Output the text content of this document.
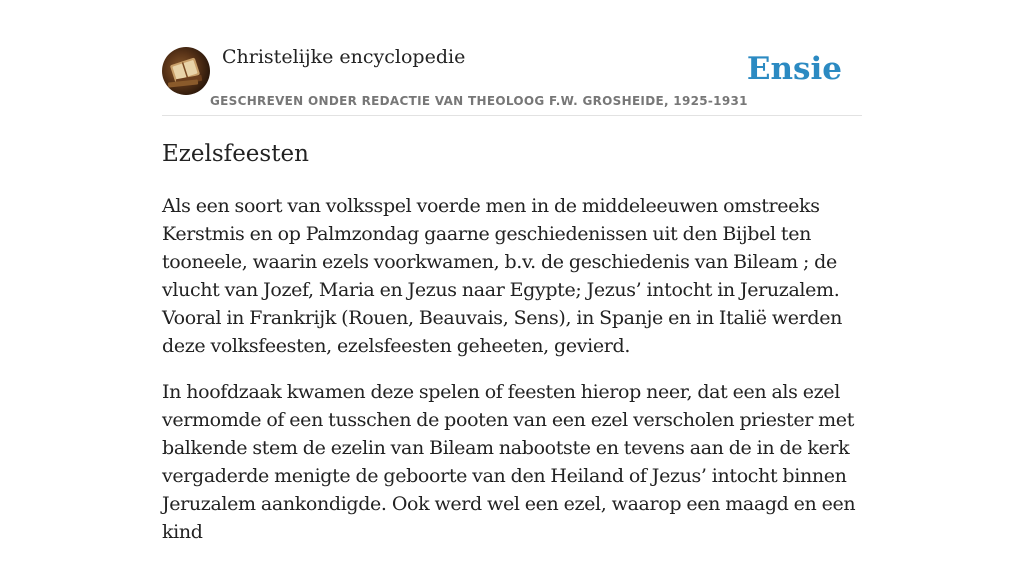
Christelijke encyclopedie
GESCHREVEN ONDER REDACTIE VAN THEOLOOG F.W. GROSHEIDE, 1925-1931
Ensie
Ezelsfeesten

Als een soort van volksspel voerde men in de middeleeuwen omstreeks Kerstmis en op Palmzondag gaarne geschiedenissen uit den Bijbel ten tooneele, waarin ezels voorkwamen, b.v. de geschiedenis van Bileam ; de vlucht van Jozef, Maria en Jezus naar Egypte; Jezus’ intocht in Jeruzalem. Vooral in Frankrijk (Rouen, Beauvais, Sens), in Spanje en in Italië werden deze volksfeesten, ezelsfeesten geheeten, gevierd.

In hoofdzaak kwamen deze spelen of feesten hierop neer, dat een als ezel vermomde of een tusschen de pooten van een ezel verscholen priester met balkende stem de ezelin van Bileam nabootste en tevens aan de in de kerk vergaderde menigte de geboorte van den Heiland of Jezus’ intocht binnen Jeruzalem aankondigde. Ook werd wel een ezel, waarop een maagd en een kind
